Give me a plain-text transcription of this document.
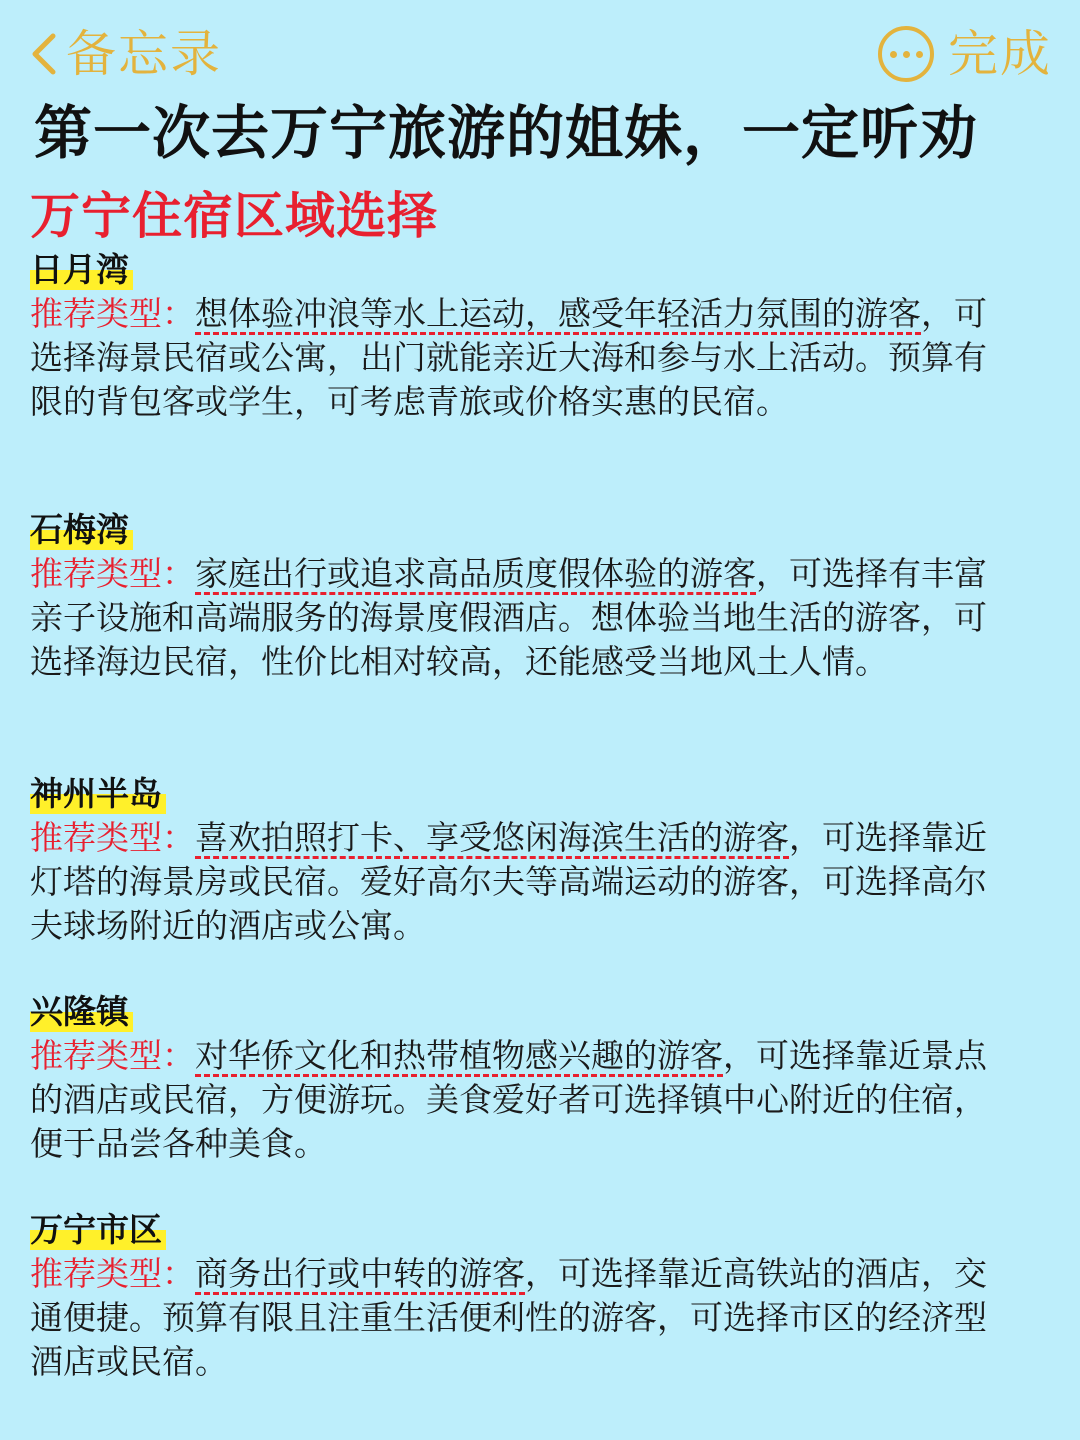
备忘录	完成
第一次去万宁旅游的姐妹，一定听劝
万宁住宿区域选择
日月湾
推荐类型：想体验冲浪等水上运动，感受年轻活力氛围的游客，可选择海景民宿或公寓，出门就能亲近大海和参与水上活动。预算有限的背包客或学生，可考虑青旅或价格实惠的民宿。
石梅湾
推荐类型：家庭出行或追求高品质度假体验的游客，可选择有丰富亲子设施和高端服务的海景度假酒店。想体验当地生活的游客，可选择海边民宿，性价比相对较高，还能感受当地风土人情。
神州半岛
推荐类型：喜欢拍照打卡、享受悠闲海滨生活的游客，可选择靠近灯塔的海景房或民宿。爱好高尔夫等高端运动的游客，可选择高尔夫球场附近的酒店或公寓。
兴隆镇
推荐类型：对华侨文化和热带植物感兴趣的游客，可选择靠近景点的酒店或民宿，方便游玩。美食爱好者可选择镇中心附近的住宿，便于品尝各种美食。
万宁市区
推荐类型：商务出行或中转的游客，可选择靠近高铁站的酒店，交通便捷。预算有限且注重生活便利性的游客，可选择市区的经济型酒店或民宿。
